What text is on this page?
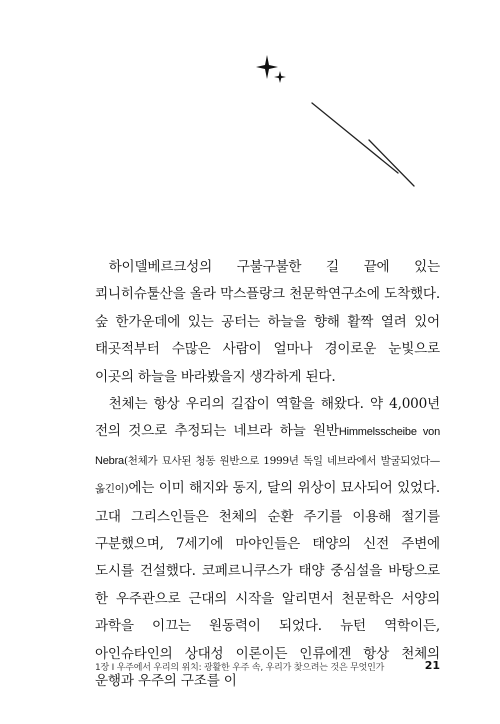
하이델베르크성의 구불구불한 길 끝에 있는 쾨니히슈툴산을 올라 막스플랑크 천문학연구소에 도착했다. 숲 한가운데에 있는 공터는 하늘을 향해 활짝 열려 있어 태곳적부터 수많은 사람이 얼마나 경이로운 눈빛으로 이곳의 하늘을 바라봤을지 생각하게 된다.

천체는 항상 우리의 길잡이 역할을 해왔다. 약 4,000년 전의 것으로 추정되는 네브라 하늘 원반Himmelsscheibe von Nebra(천체가 묘사된 청동 원반으로 1999년 독일 네브라에서 발굴되었다—옮긴이)에는 이미 해지와 동지, 달의 위상이 묘사되어 있었다. 고대 그리스인들은 천체의 순환 주기를 이용해 절기를 구분했으며, 7세기에 마야인들은 태양의 신전 주변에 도시를 건설했다. 코페르니쿠스가 태양 중심설을 바탕으로 한 우주관으로 근대의 시작을 알리면서 천문학은 서양의 과학을 이끄는 원동력이 되었다. 뉴턴 역학이든, 아인슈타인의 상대성 이론이든 인류에겐 항상 천체의 운행과 우주의 구조를 이

1장 I 우주에서 우리의 위치: 광활한 우주 속, 우리가 찾으려는 것은 무엇인가	21
